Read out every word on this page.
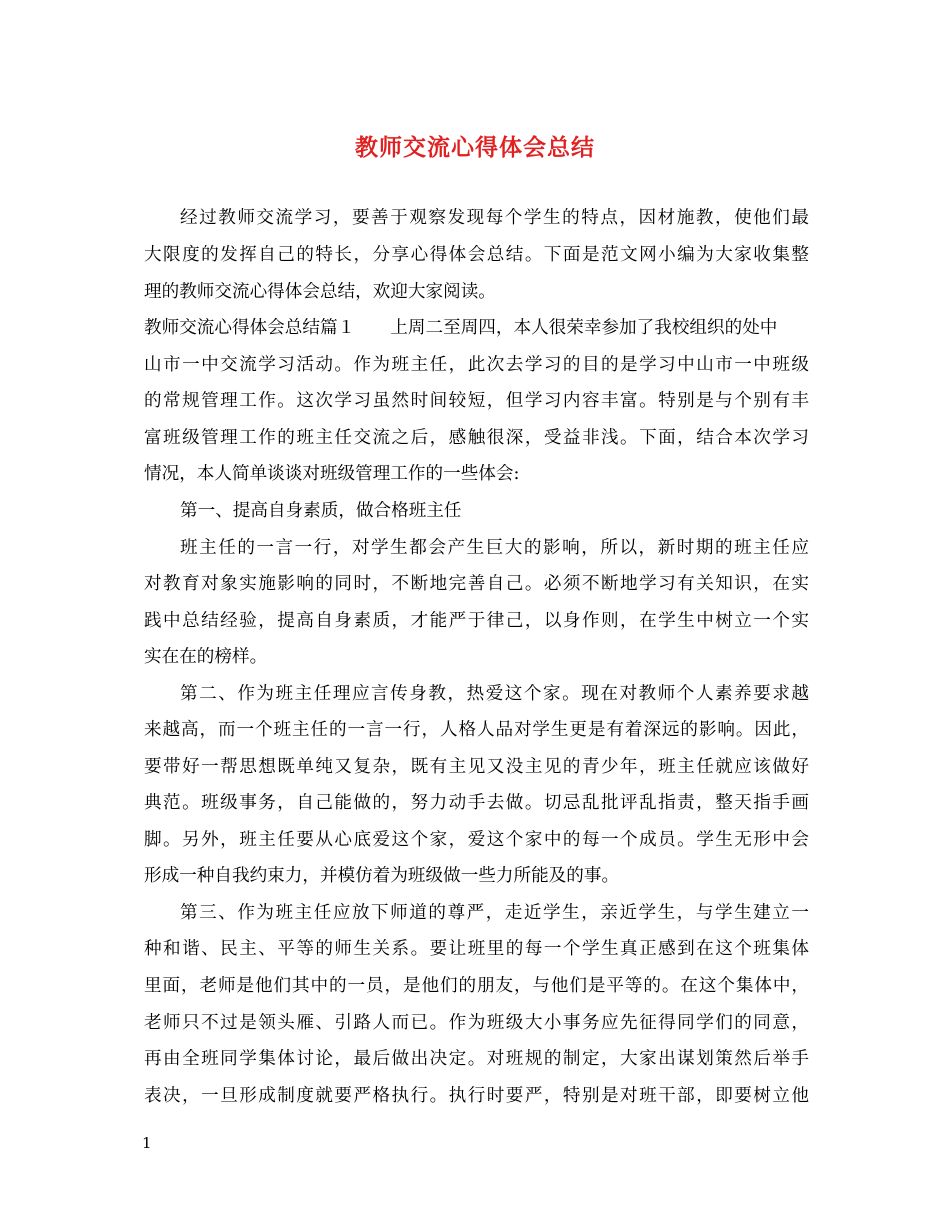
教师交流心得体会总结
经过教师交流学习，要善于观察发现每个学生的特点，因材施教，使他们最
大限度的发挥自己的特长，分享心得体会总结。下面是范文网小编为大家收集整
理的教师交流心得体会总结，欢迎大家阅读。
教师交流心得体会总结篇１　　上周二至周四，本人很荣幸参加了我校组织的处中
山市一中交流学习活动。作为班主任，此次去学习的目的是学习中山市一中班级
的常规管理工作。这次学习虽然时间较短，但学习内容丰富。特别是与个别有丰
富班级管理工作的班主任交流之后，感触很深，受益非浅。下面，结合本次学习
情况，本人简单谈谈对班级管理工作的一些体会:
第一、提高自身素质，做合格班主任
班主任的一言一行，对学生都会产生巨大的影响，所以，新时期的班主任应
对教育对象实施影响的同时，不断地完善自己。必须不断地学习有关知识，在实
践中总结经验，提高自身素质，才能严于律己，以身作则，在学生中树立一个实
实在在的榜样。
第二、作为班主任理应言传身教，热爱这个家。现在对教师个人素养要求越
来越高，而一个班主任的一言一行，人格人品对学生更是有着深远的影响。因此，
要带好一帮思想既单纯又复杂，既有主见又没主见的青少年，班主任就应该做好
典范。班级事务，自己能做的，努力动手去做。切忌乱批评乱指责，整天指手画
脚。另外，班主任要从心底爱这个家，爱这个家中的每一个成员。学生无形中会
形成一种自我约束力，并模仿着为班级做一些力所能及的事。
第三、作为班主任应放下师道的尊严，走近学生，亲近学生，与学生建立一
种和谐、民主、平等的师生关系。要让班里的每一个学生真正感到在这个班集体
里面，老师是他们其中的一员，是他们的朋友，与他们是平等的。在这个集体中，
老师只不过是领头雁、引路人而已。作为班级大小事务应先征得同学们的同意，
再由全班同学集体讨论，最后做出决定。对班规的制定，大家出谋划策然后举手
表决，一旦形成制度就要严格执行。执行时要严，特别是对班干部，即要树立他
1
